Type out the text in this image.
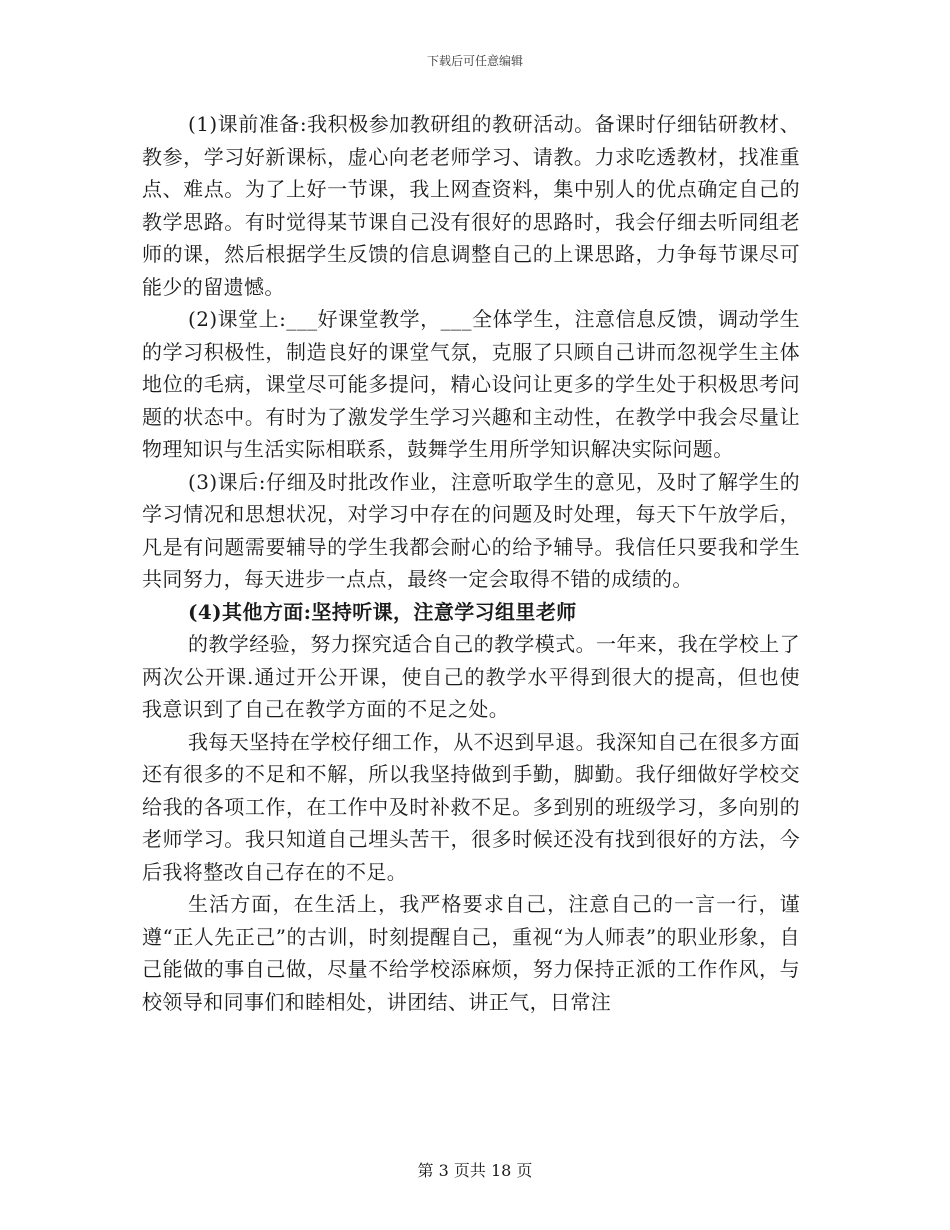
下载后可任意编辑

(1)课前准备:我积极参加教研组的教研活动。备课时仔细钻研教材、教参，学习好新课标，虚心向老老师学习、请教。力求吃透教材，找准重点、难点。为了上好一节课，我上网查资料，集中别人的优点确定自己的教学思路。有时觉得某节课自己没有很好的思路时，我会仔细去听同组老师的课，然后根据学生反馈的信息调整自己的上课思路，力争每节课尽可能少的留遗憾。

(2)课堂上:___好课堂教学，___全体学生，注意信息反馈，调动学生的学习积极性，制造良好的课堂气氛，克服了只顾自己讲而忽视学生主体地位的毛病，课堂尽可能多提问，精心设问让更多的学生处于积极思考问题的状态中。有时为了激发学生学习兴趣和主动性，在教学中我会尽量让物理知识与生活实际相联系，鼓舞学生用所学知识解决实际问题。

(3)课后:仔细及时批改作业，注意听取学生的意见，及时了解学生的学习情况和思想状况，对学习中存在的问题及时处理，每天下午放学后，凡是有问题需要辅导的学生我都会耐心的给予辅导。我信任只要我和学生共同努力，每天进步一点点，最终一定会取得不错的成绩的。

(4)其他方面:坚持听课，注意学习组里老师

的教学经验，努力探究适合自己的教学模式。一年来，我在学校上了两次公开课.通过开公开课，使自己的教学水平得到很大的提高，但也使我意识到了自己在教学方面的不足之处。

我每天坚持在学校仔细工作，从不迟到早退。我深知自己在很多方面还有很多的不足和不解，所以我坚持做到手勤，脚勤。我仔细做好学校交给我的各项工作，在工作中及时补救不足。多到别的班级学习，多向别的老师学习。我只知道自己埋头苦干，很多时候还没有找到很好的方法，今后我将整改自己存在的不足。

生活方面，在生活上，我严格要求自己，注意自己的一言一行，谨遵“正人先正己”的古训，时刻提醒自己，重视“为人师表”的职业形象，自己能做的事自己做，尽量不给学校添麻烦，努力保持正派的工作作风，与校领导和同事们和睦相处，讲团结、讲正气，日常注

第 3 页共 18 页
